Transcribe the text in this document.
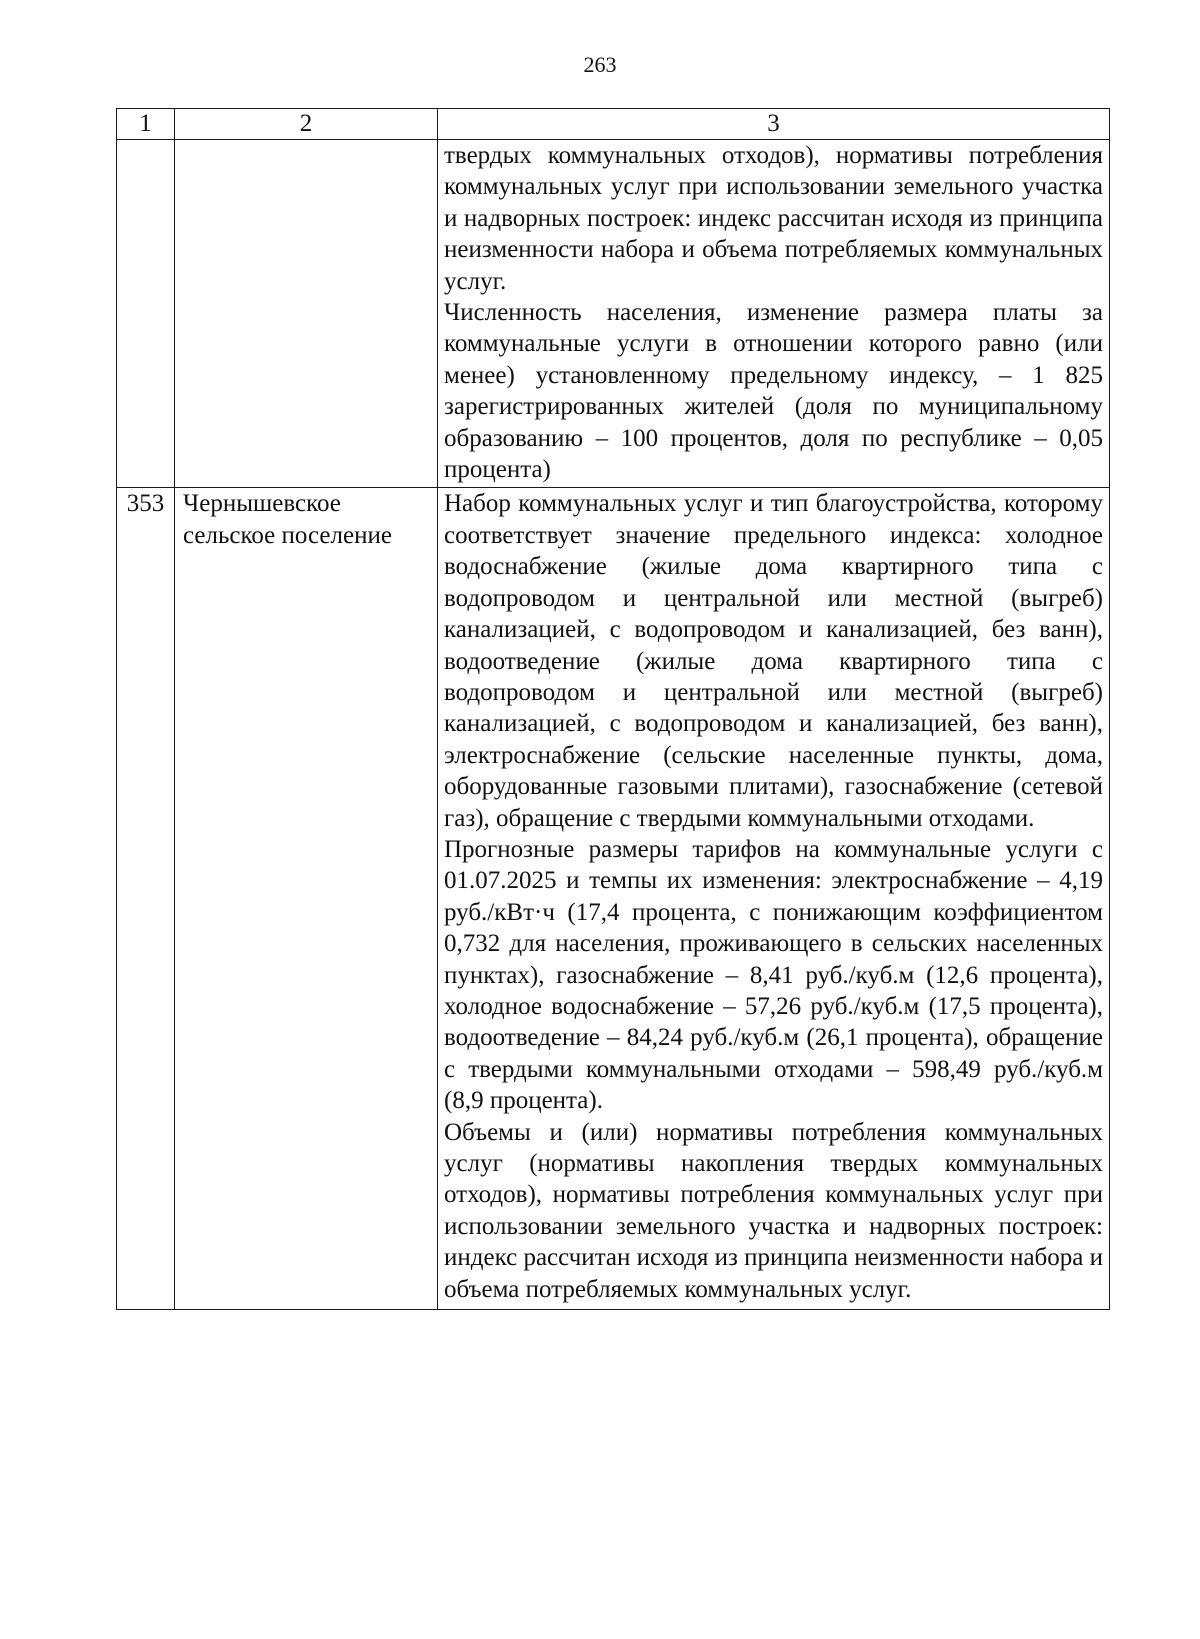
263
1	2	3

		твердых коммунальных отходов), нормативы потребления коммунальных услуг при использовании земельного участка и надворных построек: индекс рассчитан исходя из принципа неизменности набора и объема потребляемых коммунальных услуг.

Численность населения, изменение размера платы за коммунальные услуги в отношении которого равно (или менее) установленному предельному индексу, – 1 825 зарегистрированных жителей (доля по муниципальному образованию – 100 процентов, доля по республике – 0,05 процента)

353	Чернышевское сельское поселение	Набор коммунальных услуг и тип благоустройства, которому соответствует значение предельного индекса: холодное водоснабжение (жилые дома квартирного типа с водопроводом и центральной или местной (выгреб) канализацией, с водопроводом и канализацией, без ванн), водоотведение (жилые дома квартирного типа с водопроводом и центральной или местной (выгреб) канализацией, с водопроводом и канализацией, без ванн), электроснабжение (сельские населенные пункты, дома, оборудованные газовыми плитами), газоснабжение (сетевой газ), обращение с твердыми коммунальными отходами.

Прогнозные размеры тарифов на коммунальные услуги с 01.07.2025 и темпы их изменения: электроснабжение – 4,19 руб./кВт·ч (17,4 процента, с понижающим коэффициентом 0,732 для населения, проживающего в сельских населенных пунктах), газоснабжение – 8,41 руб./куб.м (12,6 процента), холодное водоснабжение – 57,26 руб./куб.м (17,5 процента), водоотведение – 84,24 руб./куб.м (26,1 процента), обращение с твердыми коммунальными отходами – 598,49 руб./куб.м (8,9 процента).

Объемы и (или) нормативы потребления коммунальных услуг (нормативы накопления твердых коммунальных отходов), нормативы потребления коммунальных услуг при использовании земельного участка и надворных построек: индекс рассчитан исходя из принципа неизменности набора и объема потребляемых коммунальных услуг.
